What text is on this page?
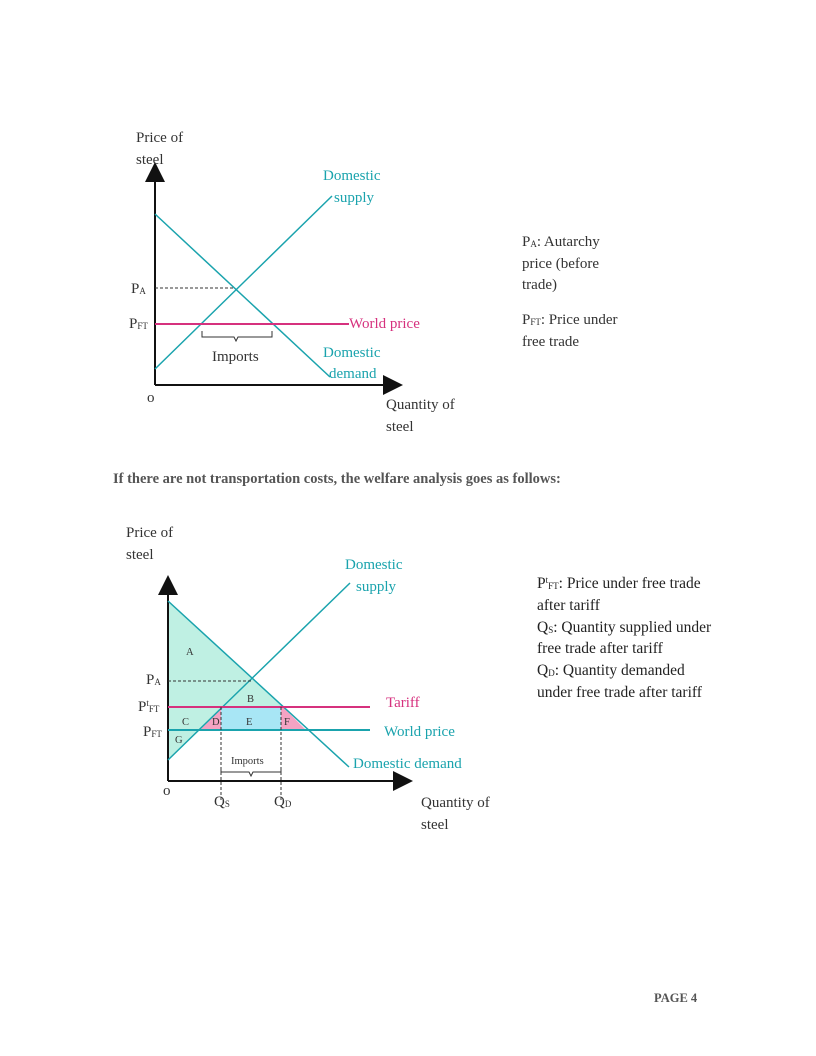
Price of
steel
Domestic
supply
PA
PFT	World price
Imports	Domestic
demand
o	Quantity of
steel
PA: Autarchy
price (before
trade)
PFT: Price under
free trade
If there are not transportation costs, the welfare analysis goes as follows:
Price of
steel
Domestic
supply
A
B
C D	E	F
G
PA
$P^tFT$
PFT
Tariff
World price
Imports	Domestic demand
o
QS	QD	Quantity of
steel
$P^tFT$: Price under free trade
after tariff
QS: Quantity supplied under
free trade after tariff
QD: Quantity demanded
under free trade after tariff
PAGE 4
